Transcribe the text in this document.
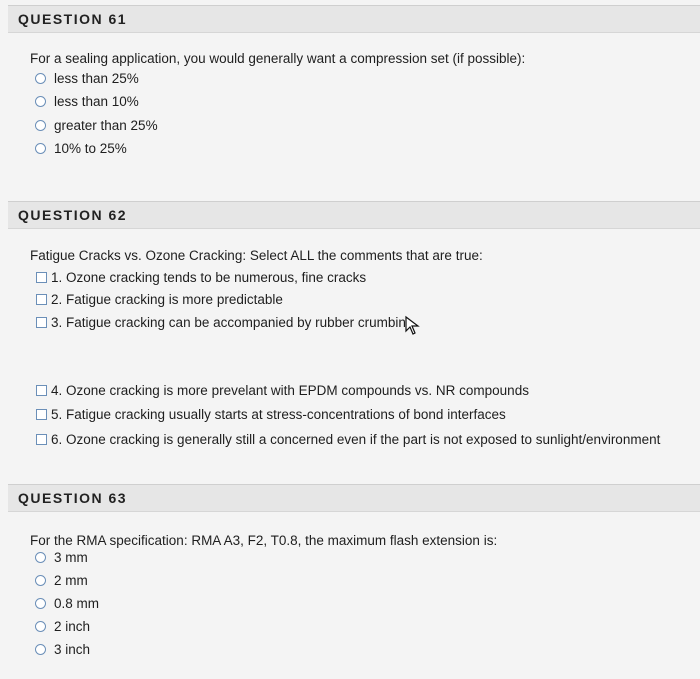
QUESTION 61
For a sealing application, you would generally want a compression set (if possible):
less than 25%
less than 10%
greater than 25%
10% to 25%
QUESTION 62
Fatigue Cracks vs. Ozone Cracking: Select ALL the comments that are true:
1. Ozone cracking tends to be numerous, fine cracks
2. Fatigue cracking is more predictable
3. Fatigue cracking can be accompanied by rubber crumbin
4. Ozone cracking is more prevelant with EPDM compounds vs. NR compounds
5. Fatigue cracking usually starts at stress-concentrations of bond interfaces
6. Ozone cracking is generally still a concerned even if the part is not exposed to sunlight/environment
QUESTION 63
For the RMA specification: RMA A3, F2, T0.8, the maximum flash extension is:
3 mm
2 mm
0.8 mm
2 inch
3 inch
